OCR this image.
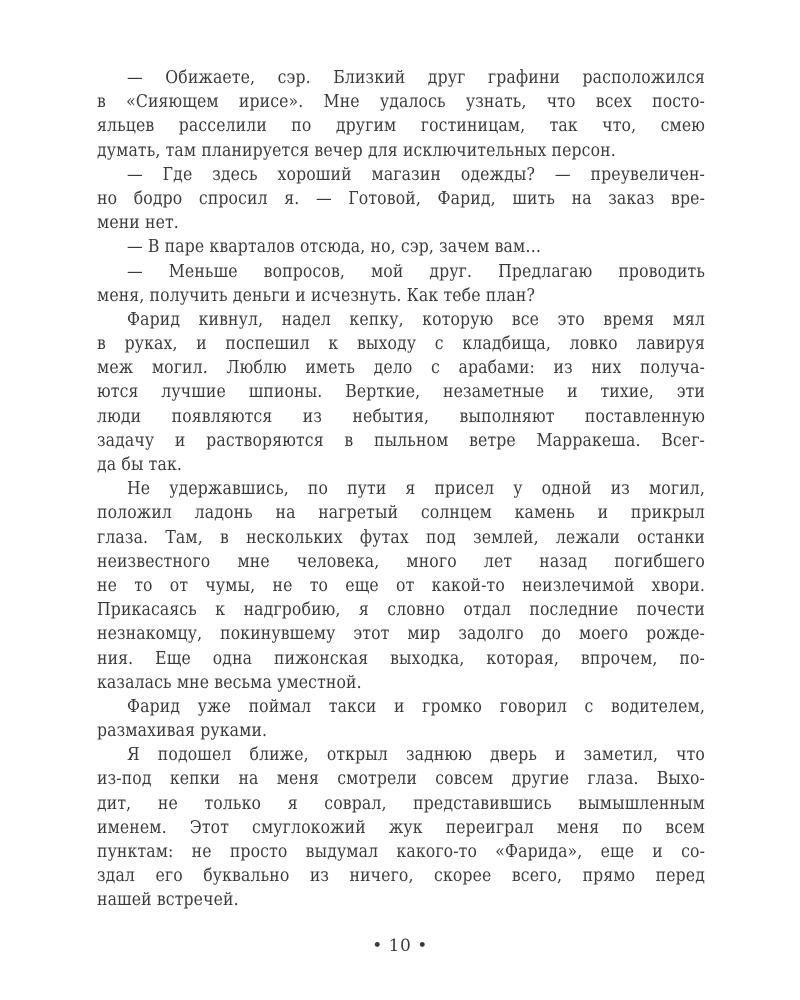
— Обижаете, сэр. Близкий друг графини расположился
в «Сияющем ирисе». Мне удалось узнать, что всех посто-
яльцев расселили по другим гостиницам, так что, смею
думать, там планируется вечер для исключительных персон.
— Где здесь хороший магазин одежды? — преувеличен-
но бодро спросил я. — Готовой, Фарид, шить на заказ вре-
мени нет.
— В паре кварталов отсюда, но, сэр, зачем вам…
— Меньше вопросов, мой друг. Предлагаю проводить
меня, получить деньги и исчезнуть. Как тебе план?
Фарид кивнул, надел кепку, которую все это время мял
в руках, и поспешил к выходу с кладбища, ловко лавируя
меж могил. Люблю иметь дело с арабами: из них получа-
ются лучшие шпионы. Верткие, незаметные и тихие, эти
люди появляются из небытия, выполняют поставленную
задачу и растворяются в пыльном ветре Марракеша. Всег-
да бы так.
Не удержавшись, по пути я присел у одной из могил,
положил ладонь на нагретый солнцем камень и прикрыл
глаза. Там, в нескольких футах под землей, лежали останки
неизвестного мне человека, много лет назад погибшего
не то от чумы, не то еще от какой-то неизлечимой хвори.
Прикасаясь к надгробию, я словно отдал последние почести
незнакомцу, покинувшему этот мир задолго до моего рожде-
ния. Еще одна пижонская выходка, которая, впрочем, по-
казалась мне весьма уместной.
Фарид уже поймал такси и громко говорил с водителем,
размахивая руками.
Я подошел ближе, открыл заднюю дверь и заметил, что
из-под кепки на меня смотрели совсем другие глаза. Выхо-
дит, не только я соврал, представившись вымышленным
именем. Этот смуглокожий жук переиграл меня по всем
пунктам: не просто выдумал какого-то «Фарида», еще и со-
здал его буквально из ничего, скорее всего, прямо перед
нашей встречей.
• 10 •
